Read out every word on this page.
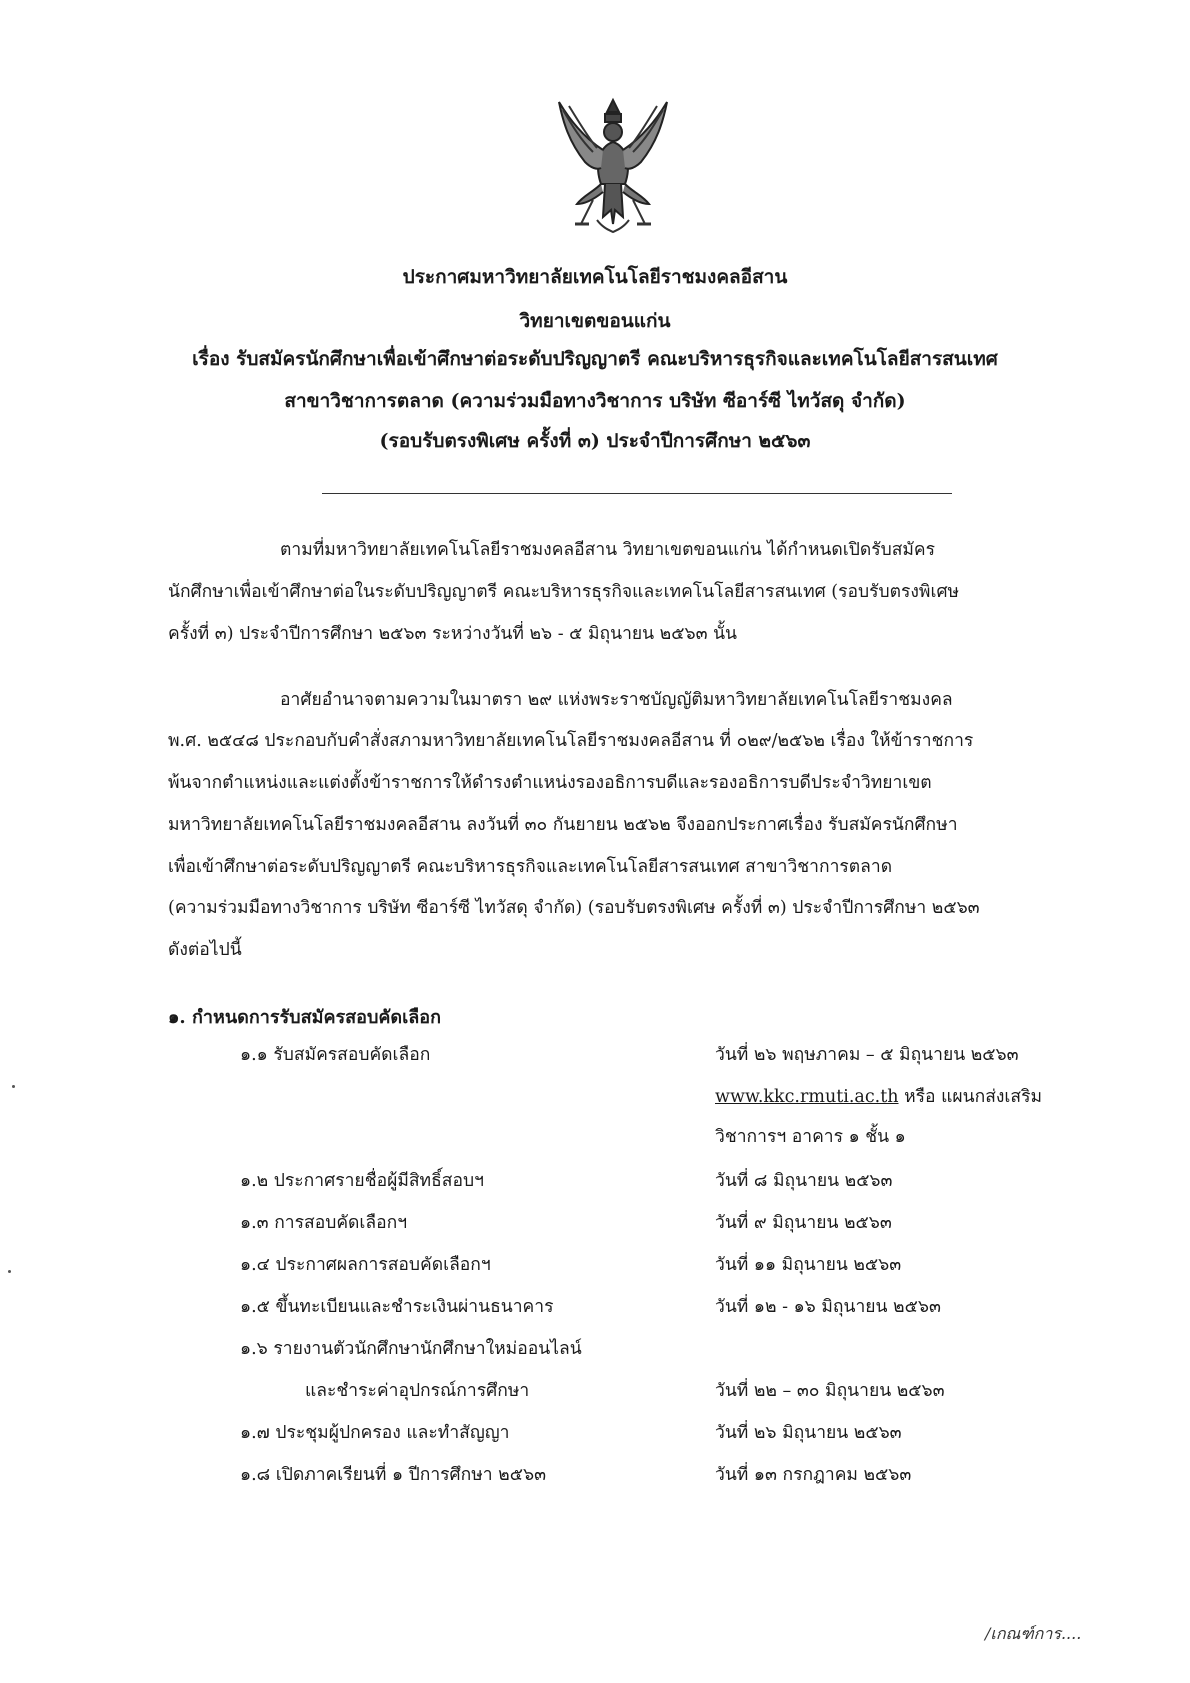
ประกาศมหาวิทยาลัยเทคโนโลยีราชมงคลอีสาน
วิทยาเขตขอนแก่น
เรื่อง รับสมัครนักศึกษาเพื่อเข้าศึกษาต่อระดับปริญญาตรี คณะบริหารธุรกิจและเทคโนโลยีสารสนเทศ
สาขาวิชาการตลาด (ความร่วมมือทางวิชาการ บริษัท ซีอาร์ซี ไทวัสดุ จำกัด)
(รอบรับตรงพิเศษ ครั้งที่ ๓) ประจำปีการศึกษา ๒๕๖๓
ตามที่มหาวิทยาลัยเทคโนโลยีราชมงคลอีสาน วิทยาเขตขอนแก่น ได้กำหนดเปิดรับสมัคร
นักศึกษาเพื่อเข้าศึกษาต่อในระดับปริญญาตรี คณะบริหารธุรกิจและเทคโนโลยีสารสนเทศ (รอบรับตรงพิเศษ
ครั้งที่ ๓) ประจำปีการศึกษา ๒๕๖๓ ระหว่างวันที่ ๒๖ - ๕ มิถุนายน ๒๕๖๓ นั้น
อาศัยอำนาจตามความในมาตรา ๒๙ แห่งพระราชบัญญัติมหาวิทยาลัยเทคโนโลยีราชมงคล
พ.ศ. ๒๕๔๘ ประกอบกับคำสั่งสภามหาวิทยาลัยเทคโนโลยีราชมงคลอีสาน ที่ ๐๒๙/๒๕๖๒ เรื่อง ให้ข้าราชการ
พ้นจากตำแหน่งและแต่งตั้งข้าราชการให้ดำรงตำแหน่งรองอธิการบดีและรองอธิการบดีประจำวิทยาเขต
มหาวิทยาลัยเทคโนโลยีราชมงคลอีสาน ลงวันที่ ๓๐ กันยายน ๒๕๖๒ จึงออกประกาศเรื่อง รับสมัครนักศึกษา
เพื่อเข้าศึกษาต่อระดับปริญญาตรี คณะบริหารธุรกิจและเทคโนโลยีสารสนเทศ สาขาวิชาการตลาด
(ความร่วมมือทางวิชาการ บริษัท ซีอาร์ซี ไทวัสดุ จำกัด) (รอบรับตรงพิเศษ ครั้งที่ ๓) ประจำปีการศึกษา ๒๕๖๓
ดังต่อไปนี้
๑. กำหนดการรับสมัครสอบคัดเลือก
๑.๑ รับสมัครสอบคัดเลือก	วันที่ ๒๖ พฤษภาคม – ๕ มิถุนายน ๒๕๖๓
www.kkc.rmuti.ac.th หรือ แผนกส่งเสริม
วิชาการฯ อาคาร ๑ ชั้น ๑
๑.๒ ประกาศรายชื่อผู้มีสิทธิ์สอบฯ	วันที่ ๘ มิถุนายน ๒๕๖๓
๑.๓ การสอบคัดเลือกฯ	วันที่ ๙ มิถุนายน ๒๕๖๓
๑.๔ ประกาศผลการสอบคัดเลือกฯ	วันที่ ๑๑ มิถุนายน ๒๕๖๓
๑.๕ ขึ้นทะเบียนและชำระเงินผ่านธนาคาร	วันที่ ๑๒ - ๑๖ มิถุนายน ๒๕๖๓
๑.๖ รายงานตัวนักศึกษานักศึกษาใหม่ออนไลน์
และชำระค่าอุปกรณ์การศึกษา	วันที่ ๒๒ – ๓๐ มิถุนายน ๒๕๖๓
๑.๗ ประชุมผู้ปกครอง และทำสัญญา	วันที่ ๒๖ มิถุนายน ๒๕๖๓
๑.๘ เปิดภาคเรียนที่ ๑ ปีการศึกษา ๒๕๖๓	วันที่ ๑๓ กรกฎาคม ๒๕๖๓
/เกณฑ์การ....
